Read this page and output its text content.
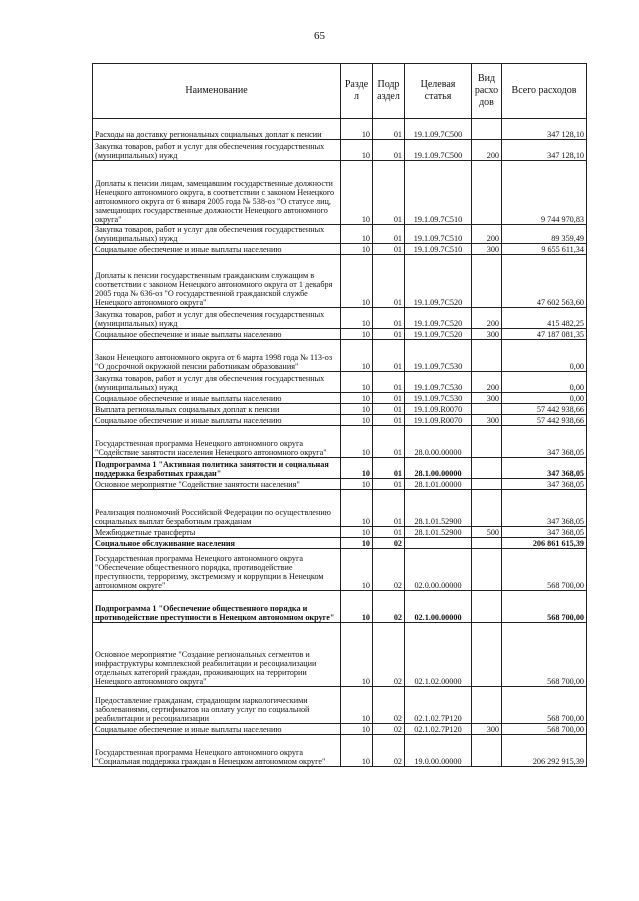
65
Наименование	Разде л	Подр аздел	Целевая статья	Вид расхо дов	Всего расходов
Расходы на доставку региональных социальных доплат к пенсии	10	01	19.1.09.7C500		347 128,10
Закупка товаров, работ и услуг для обеспечения государственных (муниципальных) нужд	10	01	19.1.09.7C500	200	347 128,10
Доплаты к пенсии лицам, замещавшим государственные должности Ненецкого автономного округа, в соответствии с законом Ненецкого автономного округа от 6 января 2005 года № 538-оз "О статусе лиц, замещающих государственные должности Ненецкого автономного округа"	10	01	19.1.09.7C510		9 744 970,83
Закупка товаров, работ и услуг для обеспечения государственных (муниципальных) нужд	10	01	19.1.09.7C510	200	89 359,49
Социальное обеспечение и иные выплаты населению	10	01	19.1.09.7C510	300	9 655 611,34
Доплаты к пенсии государственным гражданским служащим в соответствии с законом Ненецкого автономного округа от 1 декабря 2005 года № 636-оз "О государственной гражданской службе Ненецкого автономного округа"	10	01	19.1.09.7C520		47 602 563,60
Закупка товаров, работ и услуг для обеспечения государственных (муниципальных) нужд	10	01	19.1.09.7C520	200	415 482,25
Социальное обеспечение и иные выплаты населению	10	01	19.1.09.7C520	300	47 187 081,35
Закон Ненецкого автономного округа от 6 марта 1998 года № 113-оз "О досрочной окружной пенсии работникам образования"	10	01	19.1.09.7C530		0,00
Закупка товаров, работ и услуг для обеспечения государственных (муниципальных) нужд	10	01	19.1.09.7C530	200	0,00
Социальное обеспечение и иные выплаты населению	10	01	19.1.09.7C530	300	0,00
Выплата региональных социальных доплат к пенсии	10	01	19.1.09.R0070		57 442 938,66
Социальное обеспечение и иные выплаты населению	10	01	19.1.09.R0070	300	57 442 938,66
Государственная программа Ненецкого автономного округа "Содействие занятости населения Ненецкого автономного округа"	10	01	28.0.00.00000		347 368,05
Подпрограмма 1 "Активная политика занятости и социальная поддержка безработных граждан"	10	01	28.1.00.00000		347 368,05
Основное мероприятие "Содействие занятости населения"	10	01	28.1.01.00000		347 368,05
Реализация полномочий Российской Федерации по осуществлению социальных выплат безработным гражданам	10	01	28.1.01.52900		347 368,05
Межбюджетные трансферты	10	01	28.1.01.52900	500	347 368,05
Социальное обслуживание населения	10	02			206 861 615,39
Государственная программа Ненецкого автономного округа "Обеспечение общественного порядка, противодействие преступности, терроризму, экстремизму и коррупции в Ненецком автономном округе"	10	02	02.0.00.00000		568 700,00
Подпрограмма 1 "Обеспечение общественного порядка и противодействие преступности в Ненецком автономном округе"	10	02	02.1.00.00000		568 700,00
Основное мероприятие "Создание региональных сегментов и инфраструктуры комплексной реабилитации и ресоциализации отдельных категорий граждан, проживающих на территории Ненецкого автономного округа"	10	02	02.1.02.00000		568 700,00
Предоставление гражданам, страдающим наркологическими заболеваниями, сертификатов на оплату услуг по социальной реабилитации и ресоциализации	10	02	02.1.02.7P120		568 700,00
Социальное обеспечение и иные выплаты населению	10	02	02.1.02.7P120	300	568 700,00
Государственная программа Ненецкого автономного округа "Социальная поддержка граждан в Ненецком автономном округе"	10	02	19.0.00.00000		206 292 915,39
